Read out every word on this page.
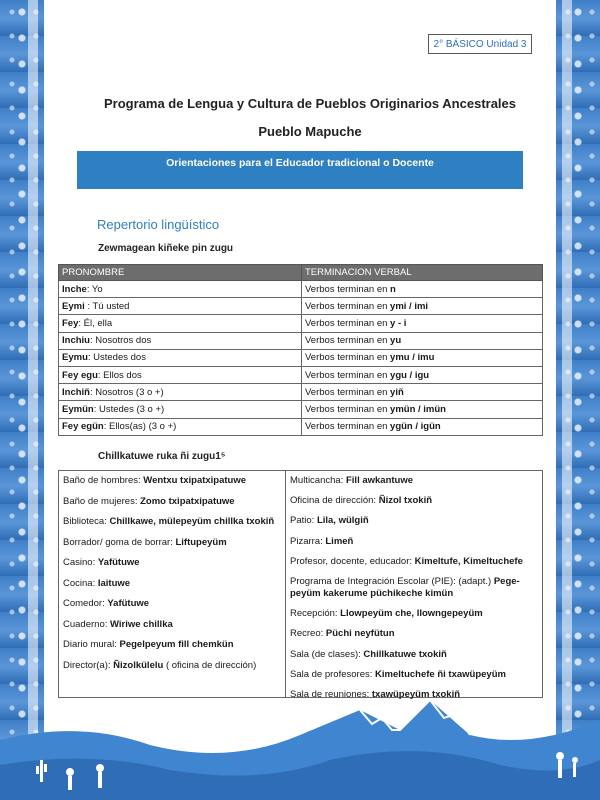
2° BÁSICO Unidad 3
Programa de Lengua y Cultura de Pueblos Originarios Ancestrales
Pueblo Mapuche
Orientaciones para el Educador tradicional o Docente
Repertorio lingüístico
Zewmagean kiñeke pin zugu
PRONOMBRE	TERMINACION VERBAL
Inche: Yo	Verbos terminan en n
Eymi : Tú usted	Verbos terminan en ymi / imi
Fey: Él, ella	Verbos terminan en y - i
Inchiu: Nosotros dos	Verbos terminan en yu
Eymu: Ustedes dos	Verbos terminan en ymu / imu
Fey egu: Ellos dos	Verbos terminan en ygu / igu
Inchiñ: Nosotros (3 o +)	Verbos terminan en yiñ
Eymün: Ustedes (3 o +)	Verbos terminan en ymün / imün
Fey egün: Ellos(as) (3 o +)	Verbos terminan en ygün / igün
Chillkatuwe ruka ñi zugu1⁵
Baño de hombres: Wentxu txipatxipatuwe
Baño de mujeres: Zomo txipatxipatuwe
Biblioteca: Chillkawe, mülepeyüm chillka txokiñ
Borrador/ goma de borrar: Liftupeyüm
Casino: Yafütuwe
Cocina: Iaituwe
Comedor: Yafütuwe
Cuaderno: Wiriwe chillka
Diario mural: Pegelpeyum fill chemkün
Director(a): Ñizolkülelu ( oficina de dirección)
Multicancha: Fill awkantuwe
Oficina de dirección: Ñizol txokiñ
Patio: Lila, wülgiñ
Pizarra: Limeñ
Profesor, docente, educador: Kimeltufe, Kimeltuchefe
Programa de Integración Escolar (PIE): (adapt.) Pege-peyüm kakerume püchikeche kimün
Recepción: Llowpeyüm che, llowngepeyüm
Recreo: Püchi neyfütun
Sala (de clases): Chillkatuwe txokiñ
Sala de profesores: Kimeltuchefe ñi txawüpeyüm
Sala de reuniones: txawüpeyüm txokiñ
